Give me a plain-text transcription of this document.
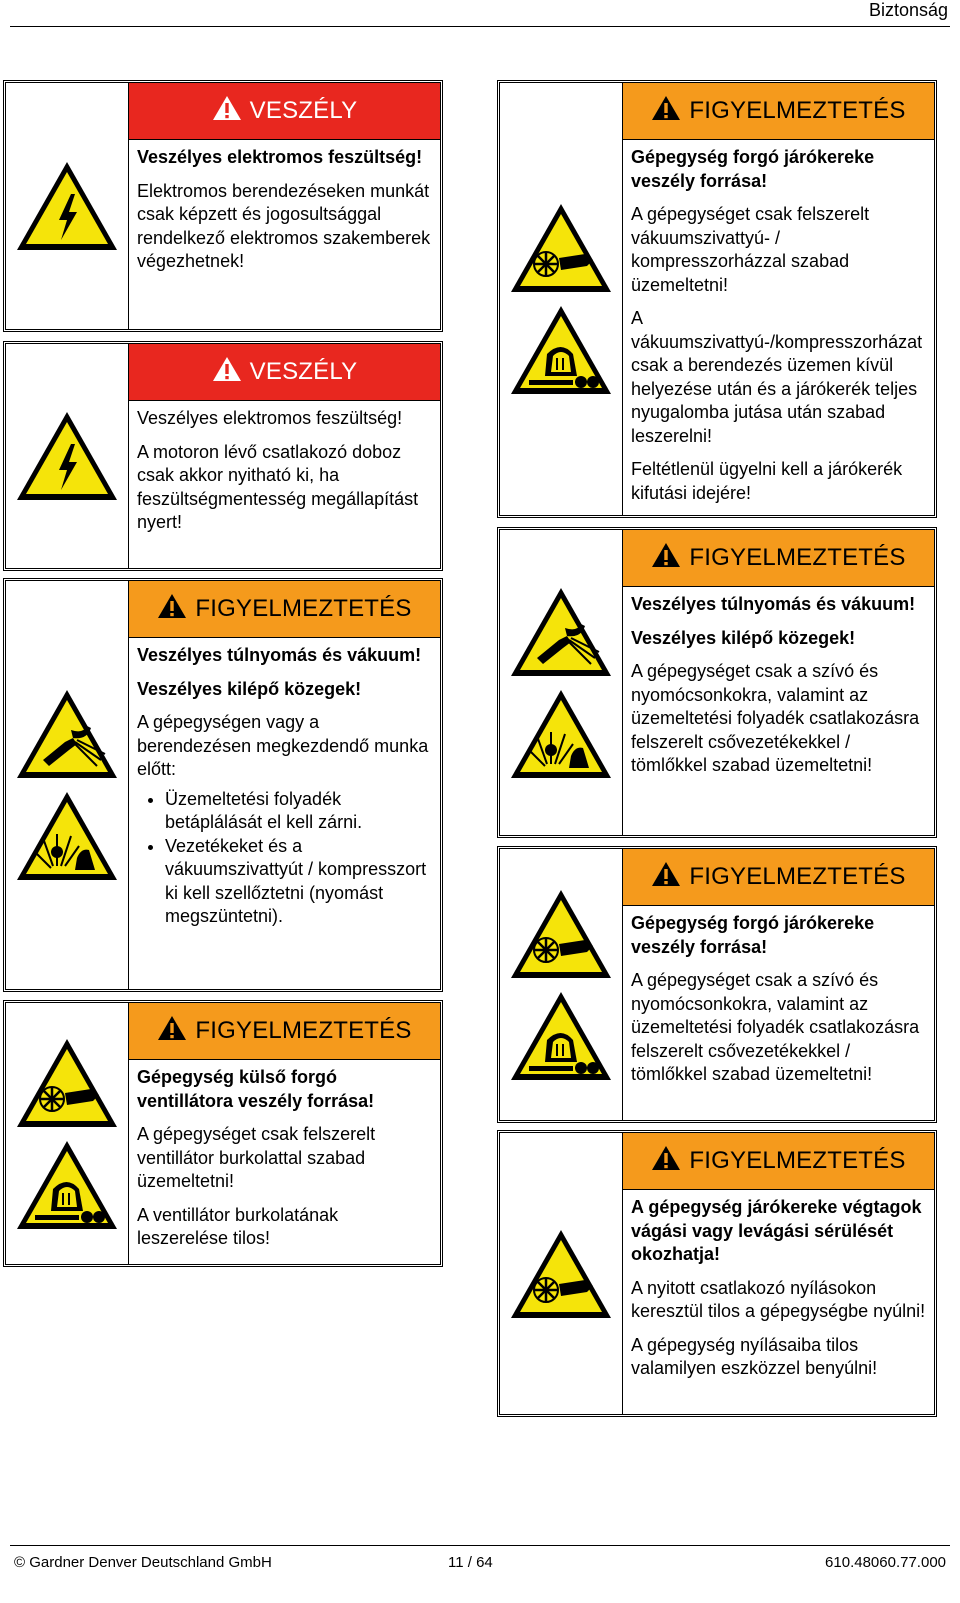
Biztonság
VESZÉLY

Veszélyes elektromos feszültség!

Elektromos berendezéseken munkát csak képzett és jogosultsággal rendelkező elektromos szakemberek végezhetnek!

VESZÉLY

Veszélyes elektromos feszültség!

A motoron lévő csatlakozó doboz csak akkor nyitható ki, ha feszültségmentesség megállapítást nyert!

FIGYELMEZTETÉS

Veszélyes túlnyomás és vákuum!

Veszélyes kilépő közegek!

A gépegységen vagy a berendezésen megkezdendő munka előtt:

• Üzemeltetési folyadék betáplálását el kell zárni.
• Vezetékeket és a vákuumszivattyút / kompresszort ki kell szellőztetni (nyomást megszüntetni).
FIGYELMEZTETÉS

Gépegység külső forgó ventillátora veszély forrása!

A gépegységet csak felszerelt ventillátor burkolattal szabad üzemeltetni!

A ventillátor burkolatának leszerelése tilos!

FIGYELMEZTETÉS

Gépegység forgó járókereke veszély forrása!

A gépegységet csak felszerelt vákuumszivattyú- / kompresszorházzal szabad üzemeltetni!

A vákuumszivattyú-/kompresszorházat csak a berendezés üzemen kívül helyezése után és a járókerék teljes nyugalomba jutása után szabad leszerelni!

Feltétlenül ügyelni kell a járókerék kifutási idejére!

FIGYELMEZTETÉS

Veszélyes túlnyomás és vákuum!

Veszélyes kilépő közegek!

A gépegységet csak a szívó és nyomócsonkokra, valamint az üzemeltetési folyadék csatlakozásra felszerelt csővezetékekkel / tömlőkkel szabad üzemeltetni!

FIGYELMEZTETÉS

Gépegység forgó járókereke veszély forrása!

A gépegységet csak a szívó és nyomócsonkokra, valamint az üzemeltetési folyadék csatlakozásra felszerelt csővezetékekkel / tömlőkkel szabad üzemeltetni!

FIGYELMEZTETÉS

A gépegység járókereke végtagok vágási vagy levágási sérülését okozhatja!

A nyitott csatlakozó nyílásokon keresztül tilos a gépegységbe nyúlni!

A gépegység nyílásaiba tilos valamilyen eszközzel benyúlni!

© Gardner Denver Deutschland GmbH	11 / 64	610.48060.77.000
